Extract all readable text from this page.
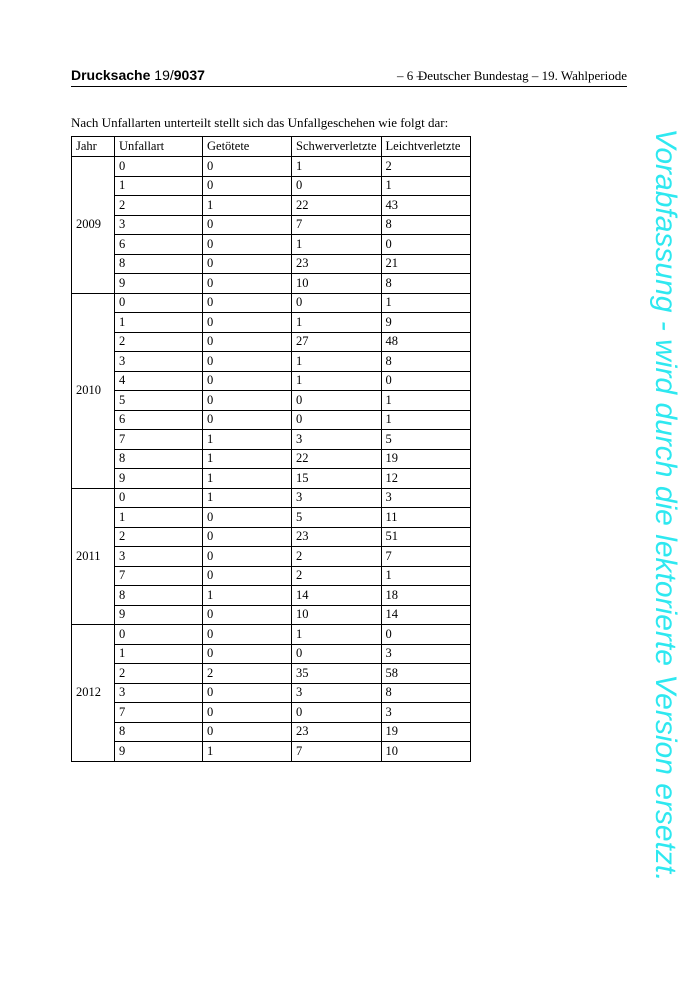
Drucksache 19/9037	– 6 –
Deutscher Bundestag – 19. Wahlperiode
Nach Unfallarten unterteilt stellt sich das Unfallgeschehen wie folgt dar:
Jahr	Unfallart	Getötete	Schwerverletzte	Leichtverletzte
2009	0	0	1	2
	1	0	0	1
	2	1	22	43
	3	0	7	8
	6	0	1	0
	8	0	23	21
	9	0	10	8
2010	0	0	0	1
	1	0	1	9
	2	0	27	48
	3	0	1	8
	4	0	1	0
	5	0	0	1
	6	0	0	1
	7	1	3	5
	8	1	22	19
	9	1	15	12
2011	0	1	3	3
	1	0	5	11
	2	0	23	51
	3	0	2	7
	7	0	2	1
	8	1	14	18
	9	0	10	14
2012	0	0	1	0
	1	0	0	3
	2	2	35	58
	3	0	3	8
	7	0	0	3
	8	0	23	19
	9	1	7	10	Vorabfassung - wird durch die lektorierte Version ersetzt.
